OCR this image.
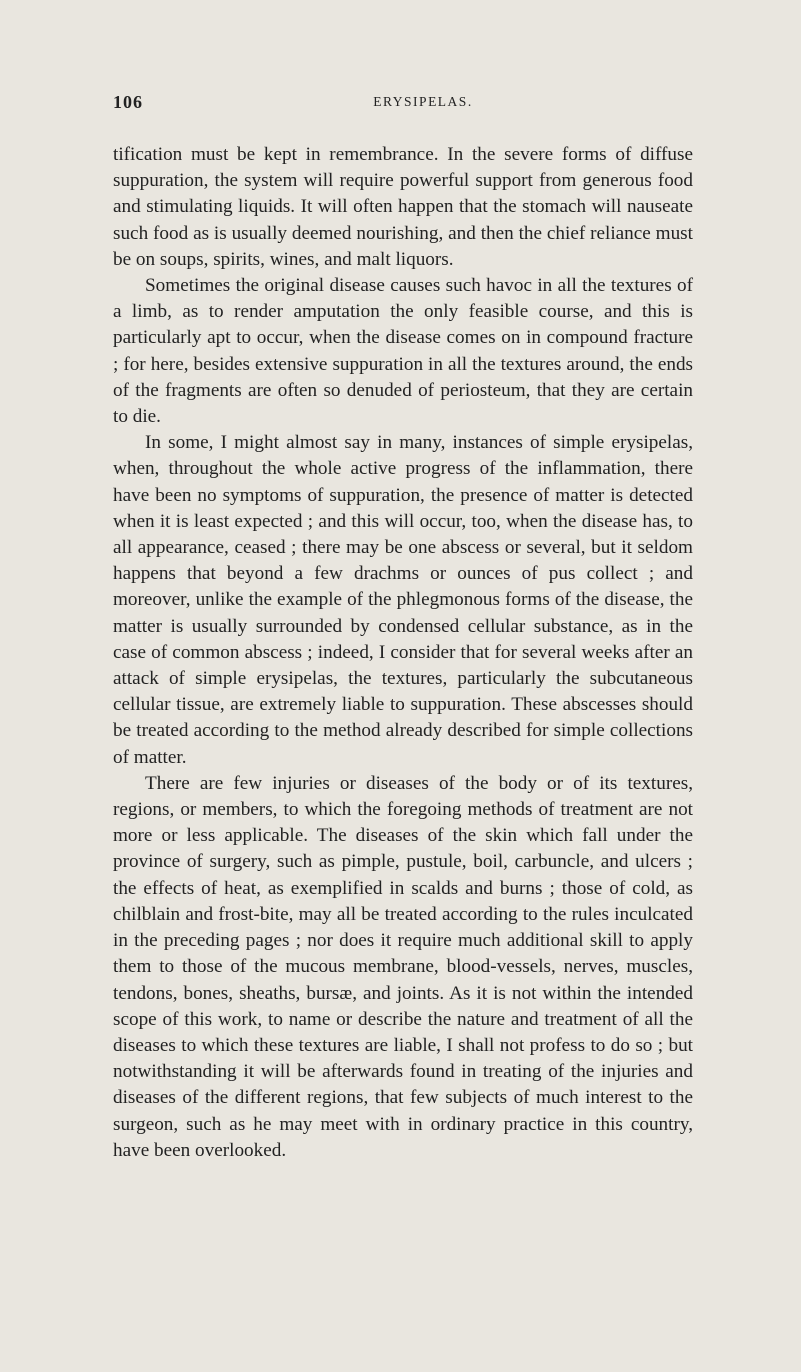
106	ERYSIPELAS.

tification must be kept in remembrance. In the severe forms of diffuse suppuration, the system will require powerful support from generous food and stimulating liquids. It will often happen that the stomach will nauseate such food as is usually deemed nourishing, and then the chief reliance must be on soups, spirits, wines, and malt liquors.

Sometimes the original disease causes such havoc in all the textures of a limb, as to render amputation the only feasible course, and this is particularly apt to occur, when the disease comes on in compound fracture ; for here, besides extensive suppuration in all the textures around, the ends of the fragments are often so denuded of periosteum, that they are certain to die.

In some, I might almost say in many, instances of simple erysipelas, when, throughout the whole active progress of the inflammation, there have been no symptoms of suppuration, the presence of matter is detected when it is least expected ; and this will occur, too, when the disease has, to all appearance, ceased ; there may be one abscess or several, but it seldom happens that beyond a few drachms or ounces of pus collect ; and moreover, unlike the example of the phlegmonous forms of the disease, the matter is usually surrounded by condensed cellular substance, as in the case of common abscess ; indeed, I consider that for several weeks after an attack of simple erysipelas, the textures, particularly the subcutaneous cellular tissue, are extremely liable to suppuration. These abscesses should be treated according to the method already described for simple collections of matter.

There are few injuries or diseases of the body or of its textures, regions, or members, to which the foregoing methods of treatment are not more or less applicable. The diseases of the skin which fall under the province of surgery, such as pimple, pustule, boil, carbuncle, and ulcers ; the effects of heat, as exemplified in scalds and burns ; those of cold, as chilblain and frost-bite, may all be treated according to the rules inculcated in the preceding pages ; nor does it require much additional skill to apply them to those of the mucous membrane, blood-vessels, nerves, muscles, tendons, bones, sheaths, bursæ, and joints. As it is not within the intended scope of this work, to name or describe the nature and treatment of all the diseases to which these textures are liable, I shall not profess to do so ; but notwithstanding it will be afterwards found in treating of the injuries and diseases of the different regions, that few subjects of much interest to the surgeon, such as he may meet with in ordinary practice in this country, have been overlooked.
